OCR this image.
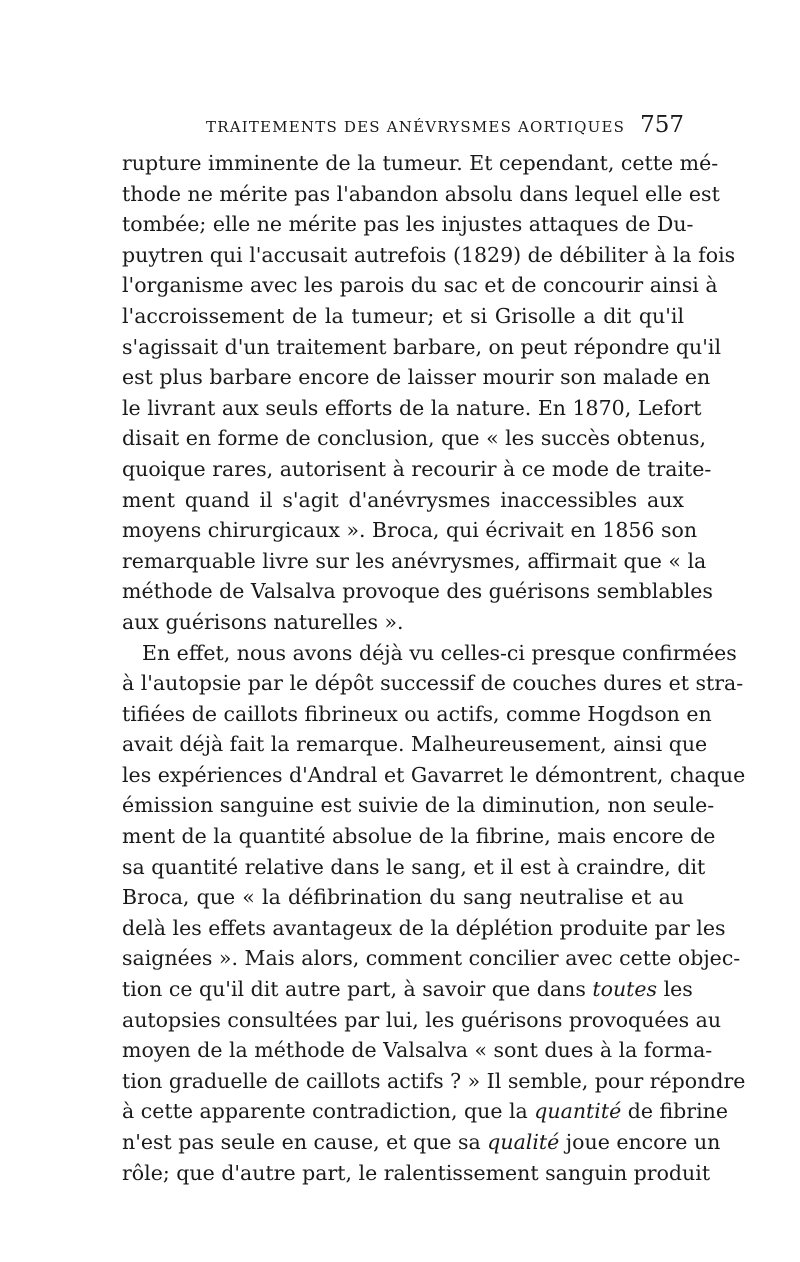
TRAITEMENTS DES ANÉVRYSMES AORTIQUES 757
rupture imminente de la tumeur. Et cependant, cette mé-
thode ne mérite pas l'abandon absolu dans lequel elle est
tombée; elle ne mérite pas les injustes attaques de Du-
puytren qui l'accusait autrefois (1829) de débiliter à la fois
l'organisme avec les parois du sac et de concourir ainsi à
l'accroissement de la tumeur; et si Grisolle a dit qu'il
s'agissait d'un traitement barbare, on peut répondre qu'il
est plus barbare encore de laisser mourir son malade en
le livrant aux seuls efforts de la nature. En 1870, Lefort
disait en forme de conclusion, que « les succès obtenus,
quoique rares, autorisent à recourir à ce mode de traite-
ment quand il s'agit d'anévrysmes inaccessibles aux
moyens chirurgicaux ». Broca, qui écrivait en 1856 son
remarquable livre sur les anévrysmes, affirmait que « la
méthode de Valsalva provoque des guérisons semblables
aux guérisons naturelles ».
En effet, nous avons déjà vu celles-ci presque confirmées
à l'autopsie par le dépôt successif de couches dures et stra-
tifiées de caillots fibrineux ou actifs, comme Hogdson en
avait déjà fait la remarque. Malheureusement, ainsi que
les expériences d'Andral et Gavarret le démontrent, chaque
émission sanguine est suivie de la diminution, non seule-
ment de la quantité absolue de la fibrine, mais encore de
sa quantité relative dans le sang, et il est à craindre, dit
Broca, que « la défibrination du sang neutralise et au
delà les effets avantageux de la déplétion produite par les
saignées ». Mais alors, comment concilier avec cette objec-
tion ce qu'il dit autre part, à savoir que dans toutes les
autopsies consultées par lui, les guérisons provoquées au
moyen de la méthode de Valsalva « sont dues à la forma-
tion graduelle de caillots actifs ? » Il semble, pour répondre
à cette apparente contradiction, que la quantité de fibrine
n'est pas seule en cause, et que sa qualité joue encore un
rôle; que d'autre part, le ralentissement sanguin produit
